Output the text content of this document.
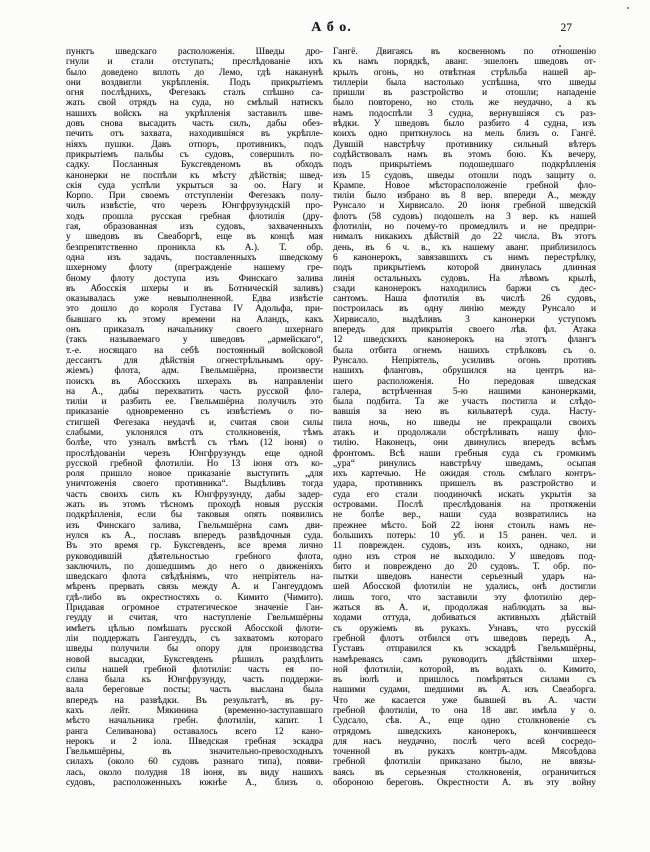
А б о.	27
пунктъ шведскаго расположенія. Шведы дро-
гнули и стали отступать; преслѣдованіе ихъ
было доведено вплоть до Лемо, гдѣ наканунѣ
они воздвигли укрѣпленія. Подъ прикрытіемъ
огня послѣднихъ, Фегезакъ сталъ спѣшно са-
жать свой отрядъ на суда, но смѣлый натискъ
нашихъ войскъ на укрѣпленія заставилъ шве-
довъ снова высадить часть силъ, дабы обез-
печить отъ захвата, находившіяся въ укрѣпле-
ніяхъ пушки. Давъ отпоръ, противникъ, подъ
прикрытіемъ пальбы съ судовъ, совершилъ по-
садку. Посланныя Буксгевденомъ въ обходъ
канонерки не поспѣли къ мѣсту дѣйствія; швед-
скія суда успѣли укрыться за оо. Нагу и
Корпо. При своемъ отступленіи Фегезакъ полу-
чилъ извѣстіе, что черезъ Юнгфрузундскій про-
ходъ прошла русская гребная флотилія (дру-
гая, образованная изъ судовъ, захваченныхъ
у шведовъ въ Свеаборгѣ, еще въ концѣ мая
безпрепятственно проникла къ А.). Т. обр.
одна изъ задачъ, поставленныхъ шведскому
шхерному флоту (прегражденіе нашему гре-
бному флоту доступа изъ Финскаго залива
въ Абосскія шхеры и въ Ботническій заливъ)
оказывалась уже невыполненной. Едва извѣстіе
это дошло до короля Густава IV Адольфа, при-
бывшаго къ этому времени на Аландъ, какъ
онъ приказалъ начальнику своего шхернаго
(такъ называемаго у шведовъ „армейскаго“,
т.-е. носящаго на себѣ постоянный войсковой
дессантъ для дѣйствія огнестрѣльнымъ ору-
жіемъ) флота, адм. Гвельмшёрна, произвести
поискъ въ Абосскихъ шхерахъ въ направленіи
на А., дабы перехватить часть русской фло-
тиліи и разбить ее. Гвельмшёрна получилъ это
приказаніе одновременно съ извѣстіемъ о по-
стигшей Фегезака неудачѣ и, считая свои силы
слабыми, уклонялся отъ столкновенія, тѣмъ
болѣе, что узналъ вмѣстѣ съ тѣмъ (12 іюня) о
прослѣдованіи черезъ Юнгфрузундъ еще одной
русской гребной флотиліи. Но 13 іюня отъ ко-
роля пришло новое приказаніе выступить „для
уничтоженія своего противника“. Выдѣливъ тогда
часть своихъ силъ къ Юнгфрузунду, дабы задер-
жать въ этомъ тѣсномъ проходѣ новыя русскія
подкрѣпленія, если бы таковыя опять появились
изъ Финскаго залива, Гвельмшёрна самъ дви-
нулся къ А., пославъ впередъ развѣдочныя суда.
Въ это время гр. Буксгевденъ, все время лично
руководившій дѣятельностью гребного флота,
заключилъ, по дошедшимъ до него о движеніяхъ
шведскаго флота свѣдѣніямъ, что непріятель на-
мѣренъ прервать связь между А. и Гангеуддомъ
гдѣ-либо въ окрестностяхъ о. Кимито (Чимито).
Придавая огромное стратегическое значеніе Ган-
геудду и считая, что наступленіе Гвельмшёрны
имѣетъ цѣлью помѣшать русской Абосской флоти-
ліи поддержать Гангеуддъ, съ захватомъ котораго
шведы получили бы опору для производства
новой высадки, Буксгевденъ рѣшилъ раздѣлить
силы нашей гребной флотиліи: часть ея по-
слана была къ Юнгфрузунду, часть поддержи-
вала береговые посты; часть выслана была
впередъ на развѣдки. Въ результатѣ, въ ру-
кахъ лейт. Мякинина (временно-заступавшаго
мѣсто начальника гребн. флотиліи, капит. 1
ранга Селиванова) оставалось всего 12 кано-
нерокъ и 2 іола. Шведская гребная эскадра
Гвельмшёрны, въ значительно-превосходныхъ
силахъ (около 60 судовъ разнаго типа), появи-
лась, около полудня 18 іюня, въ виду нашихъ
судовъ, расположенныхъ южнѣе А., близъ о.
Гангё. Двигаясь въ косвенномъ по отношенію
къ намъ порядкѣ, аванг. эшелонъ шведовъ от-
крылъ огонь, но отвѣтная стрѣльба нашей ар-
тиллеріи была настолько успѣшна, что шведы
пришли въ разстройство и отошли; нападеніе
было повторено, но столь же неудачно, а къ
намъ подоспѣли 3 судна, вернувшіяся съ раз-
вѣдки. У шведовъ было разбито 4 судна, изъ
коихъ одно приткнулось на мель близъ о. Гангё.
Дувшій навстрѣчу противнику сильный вѣтеръ
содѣйствовалъ намъ въ этомъ бою. Къ вечеру,
подъ прикрытіемъ подошедшаго подкрѣпленія
изъ 15 судовъ, шведы отошли подъ защиту о.
Крампе. Новое мѣсторасположеніе гребной фло-
тиліи было избрано въ 8 вер. впереди А., между
Рунсало и Хирвисало. 20 іюня гребной шведскій
флотъ (58 судовъ) подошелъ на 3 вер. къ нашей
флотиліи, но почему-то промедлилъ и не предпри-
нималъ никакихъ дѣйствій до 22 числа. Въ этотъ
день, въ 6 ч. в., къ нашему аванг. приблизилось
6 канонерокъ, завязавшихъ съ нимъ перестрѣлку,
подъ прикрытіемъ которой двинулась длинная
линія остальныхъ судовъ. На лѣвомъ крылѣ,
сзади канонерокъ находились баржи съ дес-
сантомъ. Наша флотилія въ числѣ 26 судовъ,
построилась въ одну линію между Рунсало и
Хирвисало, выдѣливъ 3 канонерки уступомъ
впередъ для прикрытія своего лѣв. фл. Атака
12 шведскихъ канонерокъ на этотъ флангъ
была отбита огнемъ нашихъ стрѣлковъ съ о.
Рунсало. Непріятель, усиливъ огонь противъ
нашихъ фланговъ, обрушился на центръ на-
шего расположенія. Но передовая шведская
галера, встрѣченная 5-ю нашими канонерками,
была подбита. Та же участь постигла и слѣдо-
вавшія за нею въ кильватерѣ суда. Насту-
пила ночь, но шведы не прекращали своихъ
атакъ и продолжали обстрѣливать нашу фло-
тилію. Наконецъ, они двинулись впередъ всѣмъ
фронтомъ. Всѣ наши гребныя суда съ громкимъ
„ура“ ринулись навстрѣчу шведамъ, осыпая
ихъ картечью. Не ожидая столь смѣлаго контръ-
удара, противникъ пришелъ въ разстройство и
суда его стали поодиночкѣ искать укрытія за
островами. Послѣ преслѣдованія на протяженіи
не болѣе вер., наши суда возвратились на
прежнее мѣсто. Бой 22 іюня стоилъ намъ не-
большихъ потерь: 10 уб. и 15 ранен. чел. и
11 поврежден. судовъ, изъ коихъ, однако, ни
одно изъ строя не выходило. У шведовъ под-
бито и повреждено до 20 судовъ. Т. обр. по-
пытки шведовъ нанести серьезный ударъ на-
шей Абосской флотиліи не удались, онѣ достигли
лишь того, что заставили эту флотилію дер-
жаться въ А. и, продолжая наблюдать за вы-
ходами оттуда, добиваться активныхъ дѣйствій
съ оружіемъ въ рукахъ. Узнавъ, что русскій
гребной флотъ отбился отъ шведовъ передъ А.,
Густавъ отправился къ эскадрѣ Гвельмшёрны,
намѣреваясь самъ руководить дѣйствіями шхер-
ной флотиліи, которой, въ водахъ о. Кимито,
въ іюлѣ и пришлось помѣряться силами съ
нашими судами, шедшими въ А. изъ Свеаборга.
Что же касается уже бывшей въ А. части
гребной флотиліи, то она 18 авг. имѣла у о.
Судсало, сѣв. А., еще одно столкновеніе съ
отрядомъ шведскихъ канонерокъ, кончившееся
для насъ неудачно, послѣ чего всей сосредо-
точенной въ рукахъ контръ-адм. Мясоѣдова
гребной флотиліи приказано было, не ввязы-
ваясь въ серьезныя столкновенія, ограничиться
обороною береговъ. Окрестности А. въ эту войну
